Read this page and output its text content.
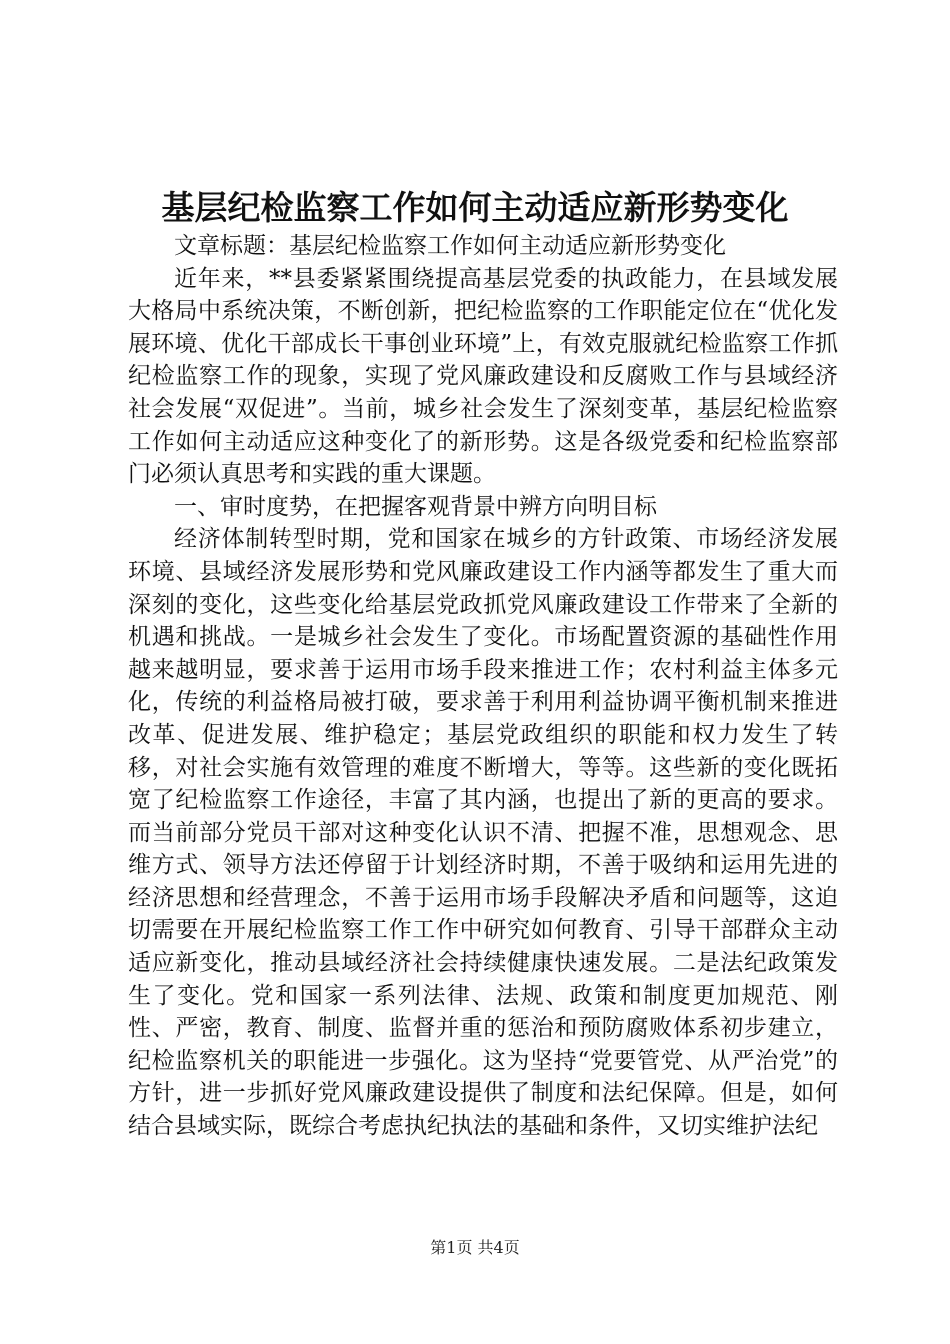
基层纪检监察工作如何主动适应新形势变化

文章标题：基层纪检监察工作如何主动适应新形势变化

近年来，**县委紧紧围绕提高基层党委的执政能力，在县域发展大格局中系统决策，不断创新，把纪检监察的工作职能定位在“优化发展环境、优化干部成长干事创业环境”上，有效克服就纪检监察工作抓纪检监察工作的现象，实现了党风廉政建设和反腐败工作与县域经济社会发展“双促进”。当前，城乡社会发生了深刻变革，基层纪检监察工作如何主动适应这种变化了的新形势。这是各级党委和纪检监察部门必须认真思考和实践的重大课题。

一、审时度势，在把握客观背景中辨方向明目标

经济体制转型时期，党和国家在城乡的方针政策、市场经济发展环境、县域经济发展形势和党风廉政建设工作内涵等都发生了重大而深刻的变化，这些变化给基层党政抓党风廉政建设工作带来了全新的机遇和挑战。一是城乡社会发生了变化。市场配置资源的基础性作用越来越明显，要求善于运用市场手段来推进工作；农村利益主体多元化，传统的利益格局被打破，要求善于利用利益协调平衡机制来推进改革、促进发展、维护稳定；基层党政组织的职能和权力发生了转移，对社会实施有效管理的难度不断增大，等等。这些新的变化既拓宽了纪检监察工作途径，丰富了其内涵，也提出了新的更高的要求。而当前部分党员干部对这种变化认识不清、把握不准，思想观念、思维方式、领导方法还停留于计划经济时期，不善于吸纳和运用先进的经济思想和经营理念，不善于运用市场手段解决矛盾和问题等，这迫切需要在开展纪检监察工作工作中研究如何教育、引导干部群众主动适应新变化，推动县域经济社会持续健康快速发展。二是法纪政策发生了变化。党和国家一系列法律、法规、政策和制度更加规范、刚性、严密，教育、制度、监督并重的惩治和预防腐败体系初步建立，纪检监察机关的职能进一步强化。这为坚持“党要管党、从严治党”的方针，进一步抓好党风廉政建设提供了制度和法纪保障。但是，如何结合县域实际，既综合考虑执纪执法的基础和条件，又切实维护法纪

第1页 共4页
